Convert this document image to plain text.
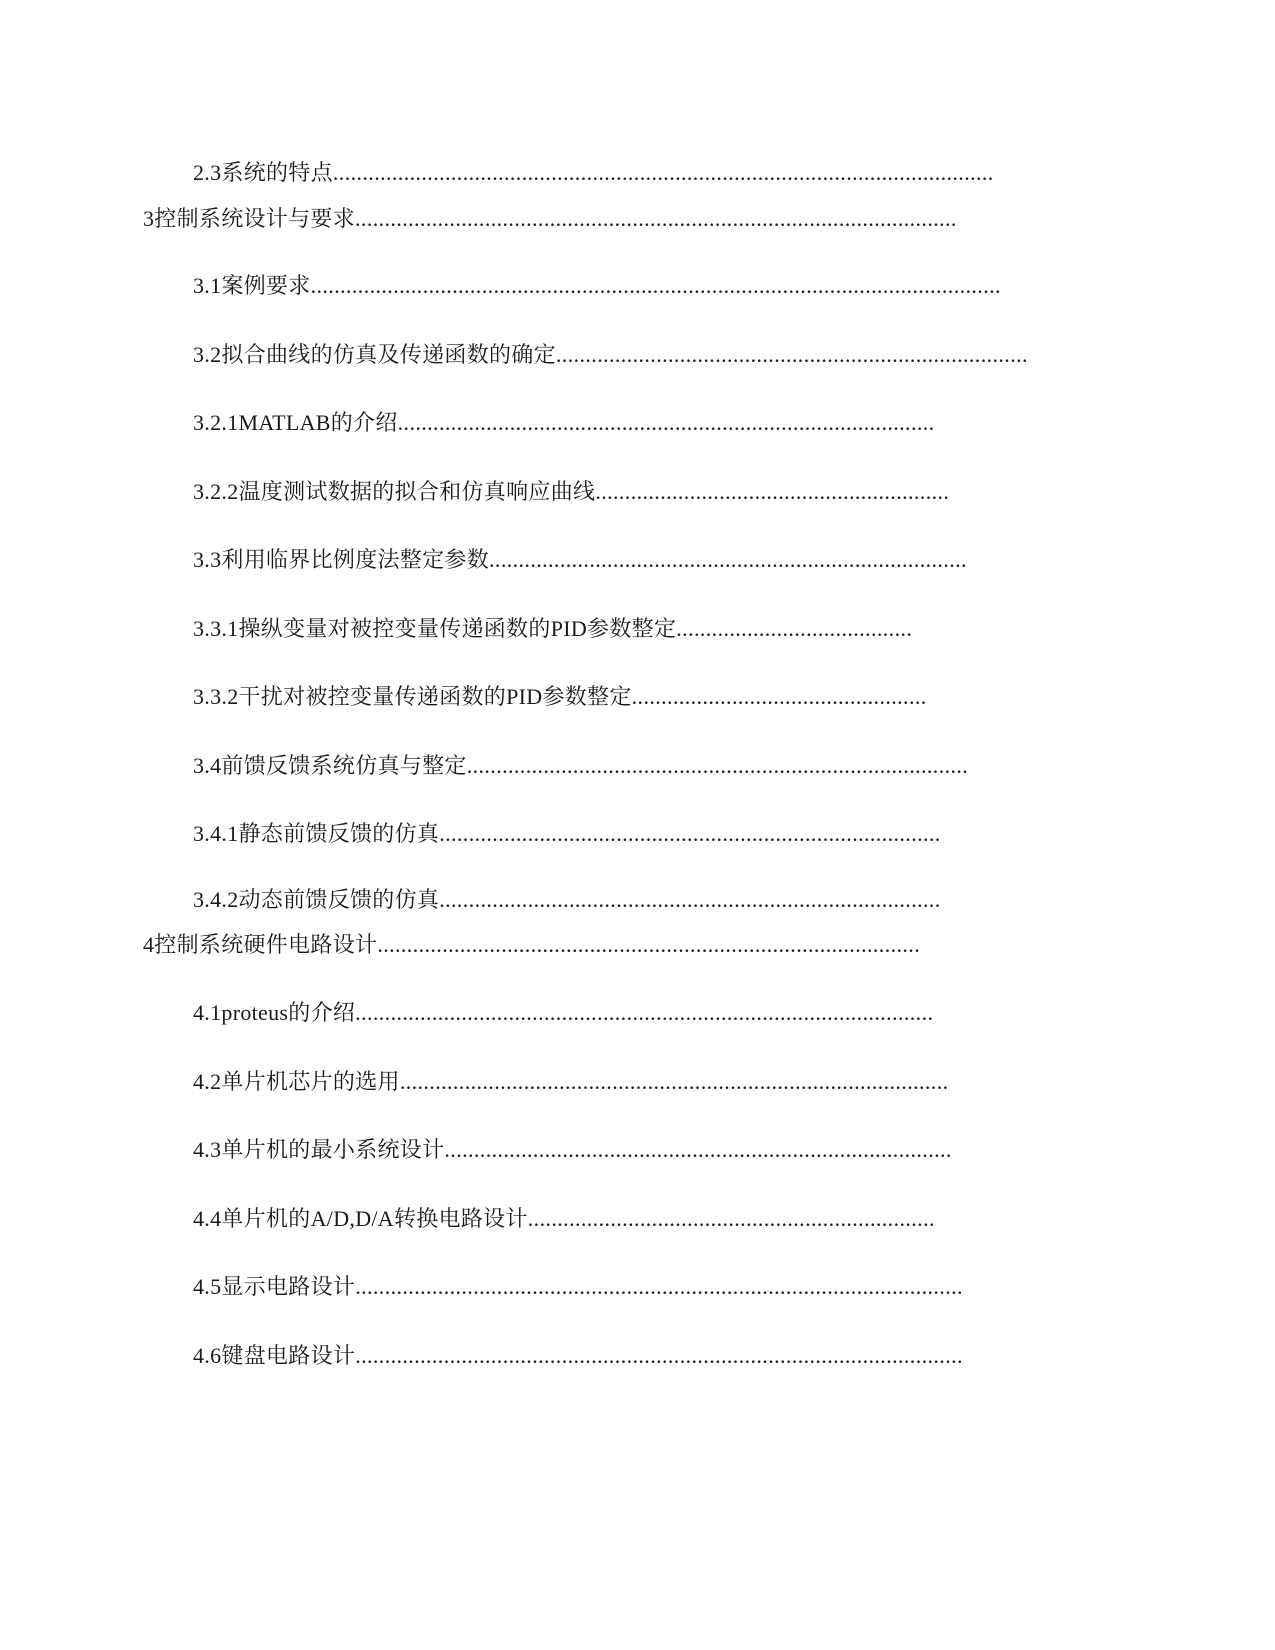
2.3系统的特点................................................................................................................
3控制系统设计与要求......................................................................................................
3.1案例要求.....................................................................................................................
3.2拟合曲线的仿真及传递函数的确定................................................................................
3.2.1MATLAB的介绍...........................................................................................
3.2.2温度测试数据的拟合和仿真响应曲线............................................................
3.3利用临界比例度法整定参数.................................................................................
3.3.1操纵变量对被控变量传递函数的PID参数整定........................................
3.3.2干扰对被控变量传递函数的PID参数整定..................................................
3.4前馈反馈系统仿真与整定.....................................................................................
3.4.1静态前馈反馈的仿真.....................................................................................
3.4.2动态前馈反馈的仿真.....................................................................................
4控制系统硬件电路设计............................................................................................
4.1proteus的介绍..................................................................................................
4.2单片机芯片的选用.............................................................................................
4.3单片机的最小系统设计......................................................................................
4.4单片机的A/D,D/A转换电路设计.....................................................................
4.5显示电路设计.......................................................................................................
4.6键盘电路设计.......................................................................................................
